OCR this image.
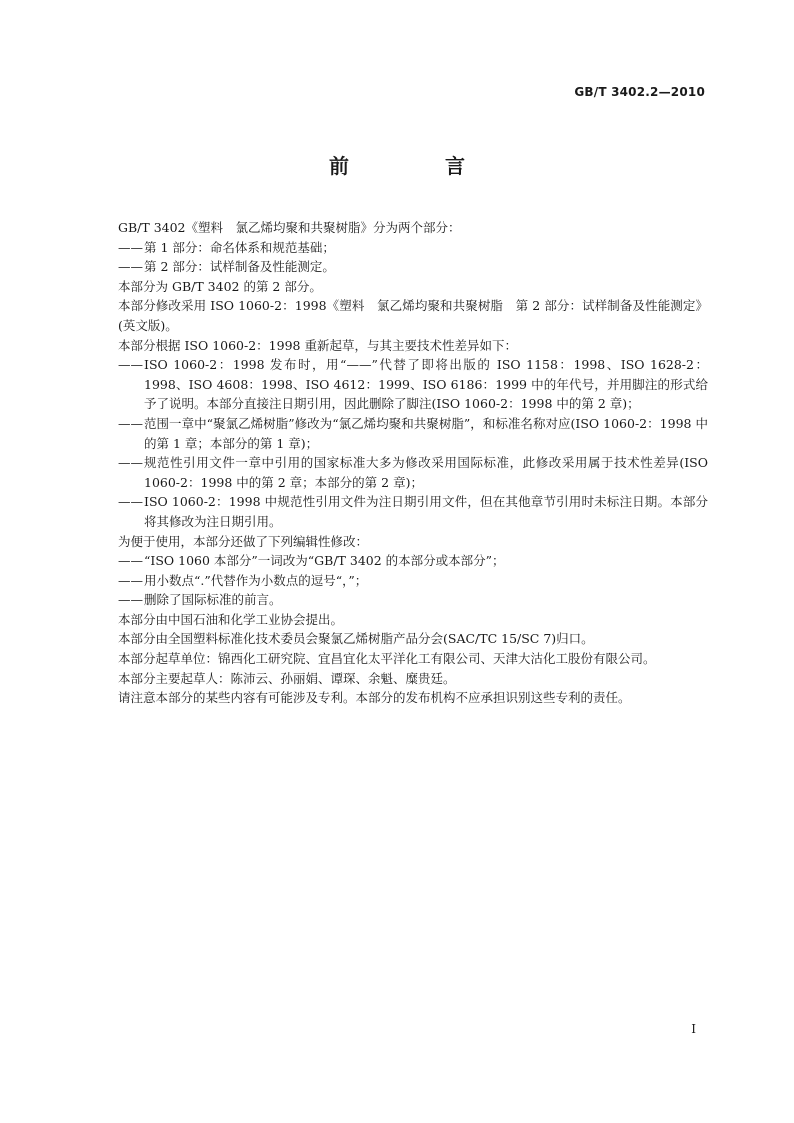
GB/T 3402.2—2010
前　言

GB/T 3402《塑料　氯乙烯均聚和共聚树脂》分为两个部分：

—— 第 1 部分：命名体系和规范基础；
—— 第 2 部分：试样制备及性能测定。

本部分为 GB/T 3402 的第 2 部分。

本部分修改采用 ISO 1060-2：1998《塑料　氯乙烯均聚和共聚树脂　第 2 部分：试样制备及性能测定》(英文版)。

本部分根据 ISO 1060-2：1998 重新起草，与其主要技术性差异如下：

—— ISO 1060-2：1998 发布时，用“——”代替了即将出版的 ISO 1158：1998、ISO 1628-2：1998、ISO 4608：1998、ISO 4612：1999、ISO 6186：1999 中的年代号，并用脚注的形式给予了说明。本部分直接注日期引用，因此删除了脚注(ISO 1060-2：1998 中的第 2 章)；
—— 范围一章中“聚氯乙烯树脂”修改为“氯乙烯均聚和共聚树脂”，和标准名称对应(ISO 1060-2：1998 中的第 1 章；本部分的第 1 章)；
—— 规范性引用文件一章中引用的国家标准大多为修改采用国际标准，此修改采用属于技术性差异(ISO 1060-2：1998 中的第 2 章；本部分的第 2 章)；
—— ISO 1060-2：1998 中规范性引用文件为注日期引用文件，但在其他章节引用时未标注日期。本部分将其修改为注日期引用。

为便于使用，本部分还做了下列编辑性修改：

—— “ISO 1060 本部分”一词改为“GB/T 3402 的本部分或本部分”；
—— 用小数点“.”代替作为小数点的逗号“，”；
—— 删除了国际标准的前言。

本部分由中国石油和化学工业协会提出。

本部分由全国塑料标准化技术委员会聚氯乙烯树脂产品分会(SAC/TC 15/SC 7)归口。

本部分起草单位：锦西化工研究院、宜昌宜化太平洋化工有限公司、天津大沽化工股份有限公司。

本部分主要起草人：陈沛云、孙丽娟、谭琛、余魁、糜贵廷。

请注意本部分的某些内容有可能涉及专利。本部分的发布机构不应承担识别这些专利的责任。

I
